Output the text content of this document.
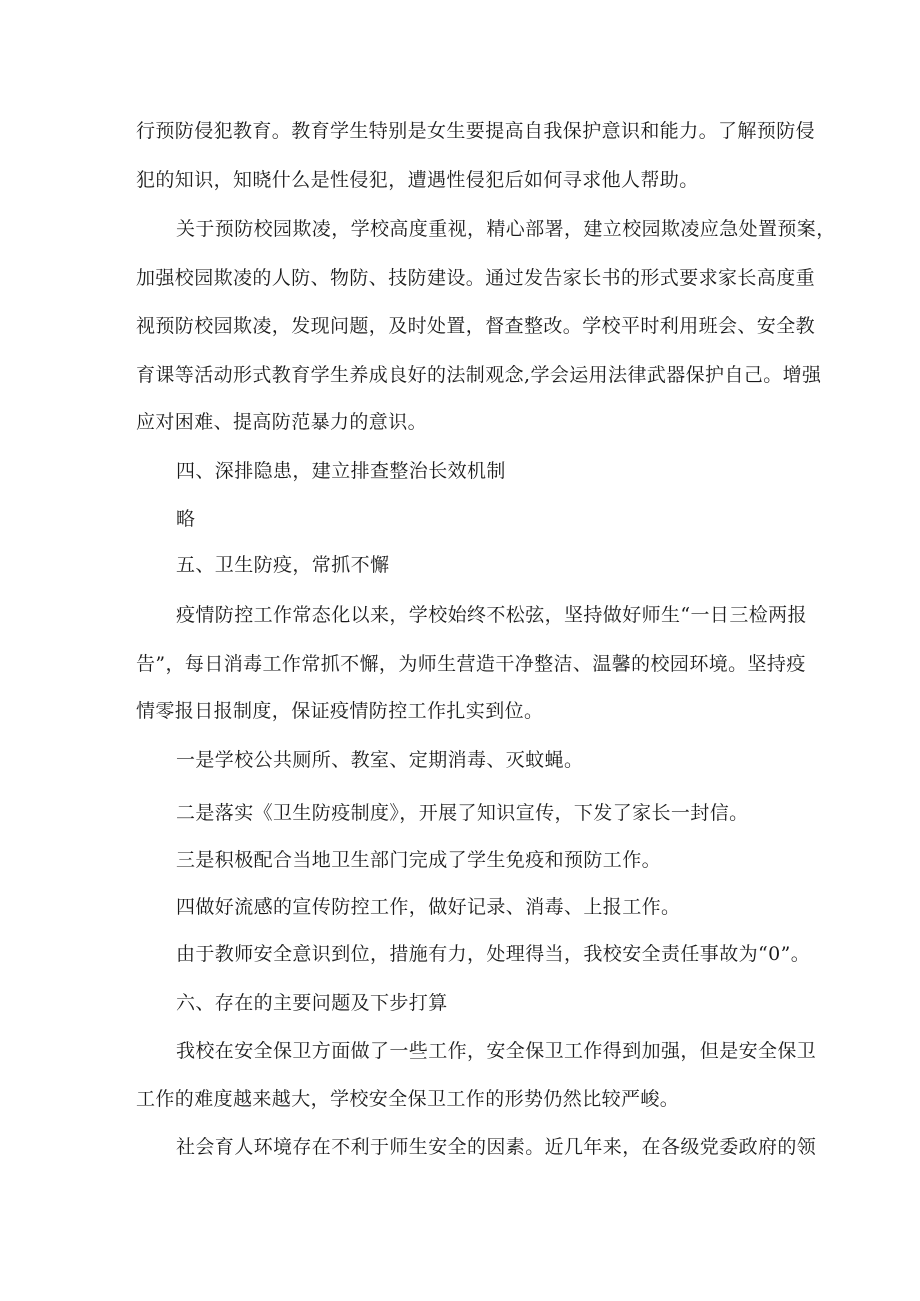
行预防侵犯教育。教育学生特别是女生要提高自我保护意识和能力。了解预防侵
犯的知识，知晓什么是性侵犯，遭遇性侵犯后如何寻求他人帮助。
关于预防校园欺凌，学校高度重视，精心部署，建立校园欺凌应急处置预案，
加强校园欺凌的人防、物防、技防建设。通过发告家长书的形式要求家长高度重
视预防校园欺凌，发现问题，及时处置，督查整改。学校平时利用班会、安全教
育课等活动形式教育学生养成良好的法制观念,学会运用法律武器保护自己。增强
应对困难、提高防范暴力的意识。
四、深排隐患，建立排查整治长效机制
略
五、卫生防疫，常抓不懈
疫情防控工作常态化以来，学校始终不松弦，坚持做好师生“一日三检两报
告”，每日消毒工作常抓不懈，为师生营造干净整洁、温馨的校园环境。坚持疫
情零报日报制度，保证疫情防控工作扎实到位。
一是学校公共厕所、教室、定期消毒、灭蚊蝇。
二是落实《卫生防疫制度》，开展了知识宣传，下发了家长一封信。
三是积极配合当地卫生部门完成了学生免疫和预防工作。
四做好流感的宣传防控工作，做好记录、消毒、上报工作。
由于教师安全意识到位，措施有力，处理得当，我校安全责任事故为“0”。
六、存在的主要问题及下步打算
我校在安全保卫方面做了一些工作，安全保卫工作得到加强，但是安全保卫
工作的难度越来越大，学校安全保卫工作的形势仍然比较严峻。
社会育人环境存在不利于师生安全的因素。近几年来，在各级党委政府的领
